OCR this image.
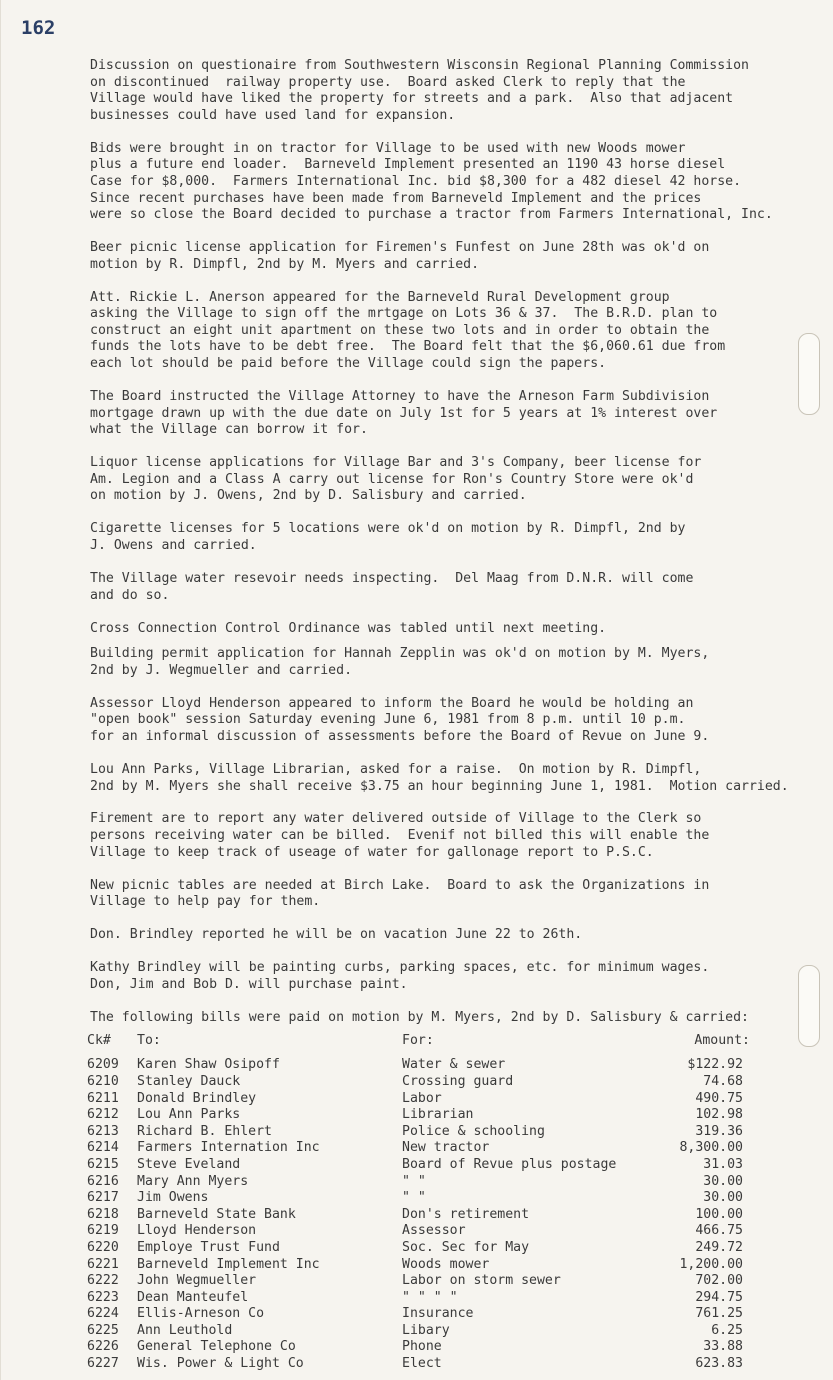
162

Discussion on questionaire from Southwestern Wisconsin Regional Planning Commission
on discontinued  railway property use.  Board asked Clerk to reply that the
Village would have liked the property for streets and a park.  Also that adjacent
businesses could have used land for expansion.

Bids were brought in on tractor for Village to be used with new Woods mower
plus a future end loader.  Barneveld Implement presented an 1190 43 horse diesel
Case for $8,000.  Farmers International Inc. bid $8,300 for a 482 diesel 42 horse.
Since recent purchases have been made from Barneveld Implement and the prices
were so close the Board decided to purchase a tractor from Farmers International, Inc.

Beer picnic license application for Firemen's Funfest on June 28th was ok'd on
motion by R. Dimpfl, 2nd by M. Myers and carried.

Att. Rickie L. Anerson appeared for the Barneveld Rural Development group
asking the Village to sign off the mrtgage on Lots 36 & 37.  The B.R.D. plan to
construct an eight unit apartment on these two lots and in order to obtain the
funds the lots have to be debt free.  The Board felt that the $6,060.61 due from
each lot should be paid before the Village could sign the papers.

The Board instructed the Village Attorney to have the Arneson Farm Subdivision
mortgage drawn up with the due date on July 1st for 5 years at 1% interest over
what the Village can borrow it for.

Liquor license applications for Village Bar and 3's Company, beer license for
Am. Legion and a Class A carry out license for Ron's Country Store were ok'd
on motion by J. Owens, 2nd by D. Salisbury and carried.

Cigarette licenses for 5 locations were ok'd on motion by R. Dimpfl, 2nd by
J. Owens and carried.

The Village water resevoir needs inspecting.  Del Maag from D.N.R. will come
and do so.

Cross Connection Control Ordinance was tabled until next meeting.

Building permit application for Hannah Zepplin was ok'd on motion by M. Myers,
2nd by J. Wegmueller and carried.

Assessor Lloyd Henderson appeared to inform the Board he would be holding an
"open book" session Saturday evening June 6, 1981 from 8 p.m. until 10 p.m.
for an informal discussion of assessments before the Board of Revue on June 9.

Lou Ann Parks, Village Librarian, asked for a raise.  On motion by R. Dimpfl,
2nd by M. Myers she shall receive $3.75 an hour beginning June 1, 1981.  Motion carried.

Firement are to report any water delivered outside of Village to the Clerk so
persons receiving water can be billed.  Evenif not billed this will enable the
Village to keep track of useage of water for gallonage report to P.S.C.

New picnic tables are needed at Birch Lake.  Board to ask the Organizations in
Village to help pay for them.

Don. Brindley reported he will be on vacation June 22 to 26th.

Kathy Brindley will be painting curbs, parking spaces, etc. for minimum wages.
Don, Jim and Bob D. will purchase paint.

The following bills were paid on motion by M. Myers, 2nd by D. Salisbury & carried:

Ck# To:	For:	Amount:
6209 Karen Shaw Osipoff	Water & sewer	$122.92
6210 Stanley Dauck	Crossing guard	74.68
6211 Donald Brindley	Labor	490.75
6212 Lou Ann Parks	Librarian	102.98
6213 Richard B. Ehlert	Police & schooling	319.36
6214 Farmers Internation Inc	New tractor	8,300.00
6215 Steve Eveland	Board of Revue plus postage	31.03
6216 Mary Ann Myers	" "	30.00
6217 Jim Owens	" "	30.00
6218 Barneveld State Bank	Don's retirement	100.00
6219 Lloyd Henderson	Assessor	466.75
6220 Employe Trust Fund	Soc. Sec for May	249.72
6221 Barneveld Implement Inc	Woods mower	1,200.00
6222 John Wegmueller	Labor on storm sewer	702.00
6223 Dean Manteufel	" " " "	294.75
6224 Ellis-Arneson Co	Insurance	761.25
6225 Ann Leuthold	Libary	6.25
6226 General Telephone Co	Phone	33.88
6227 Wis. Power & Light Co	Elect	623.83
